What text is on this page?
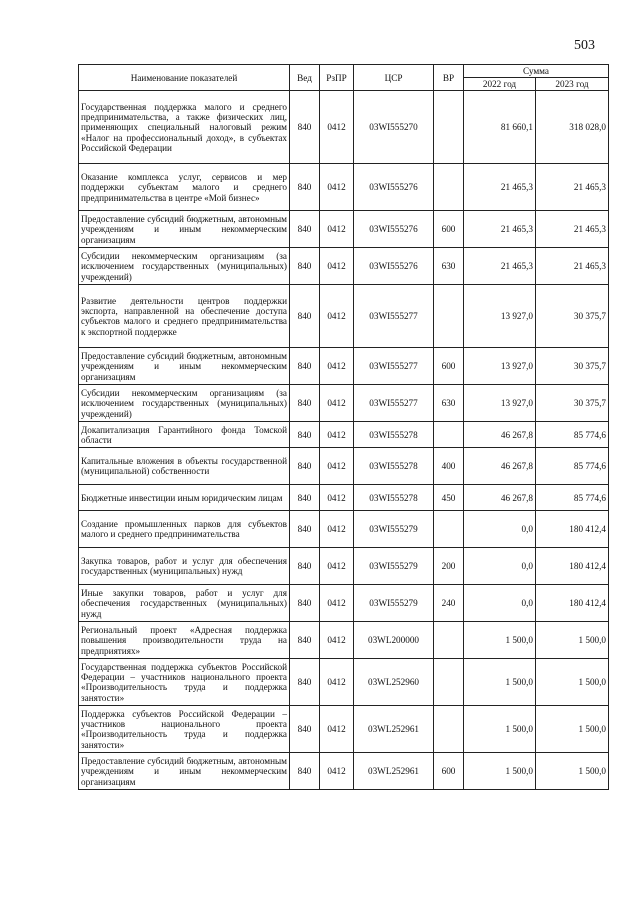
503
Наименование показателей	Вед	РзПР	ЦСР	ВР	Сумма	
					2022 год	2023 год
Государственная поддержка малого и среднего предпринимательства, а также физических лиц, применяющих специальный налоговый режим «Налог на профессиональный доход», в субъектах Российской Федерации	840	0412	03WI555270		81 660,1	318 028,0
Оказание комплекса услуг, сервисов и мер поддержки субъектам малого и среднего предпринимательства в центре «Мой бизнес»	840	0412	03WI555276		21 465,3	21 465,3
Предоставление субсидий бюджетным, автономным учреждениям и иным некоммерческим организациям	840	0412	03WI555276	600	21 465,3	21 465,3
Субсидии некоммерческим организациям (за исключением государственных (муниципальных) учреждений)	840	0412	03WI555276	630	21 465,3	21 465,3
Развитие деятельности центров поддержки экспорта, направленной на обеспечение доступа субъектов малого и среднего предпринимательства к экспортной поддержке	840	0412	03WI555277		13 927,0	30 375,7
Предоставление субсидий бюджетным, автономным учреждениям и иным некоммерческим организациям	840	0412	03WI555277	600	13 927,0	30 375,7
Субсидии некоммерческим организациям (за исключением государственных (муниципальных) учреждений)	840	0412	03WI555277	630	13 927,0	30 375,7
Докапитализация Гарантийного фонда Томской области	840	0412	03WI555278		46 267,8	85 774,6
Капитальные вложения в объекты государственной (муниципальной) собственности	840	0412	03WI555278	400	46 267,8	85 774,6
Бюджетные инвестиции иным юридическим лицам	840	0412	03WI555278	450	46 267,8	85 774,6
Создание промышленных парков для субъектов малого и среднего предпринимательства	840	0412	03WI555279		0,0	180 412,4
Закупка товаров, работ и услуг для обеспечения государственных (муниципальных) нужд	840	0412	03WI555279	200	0,0	180 412,4
Иные закупки товаров, работ и услуг для обеспечения государственных (муниципальных) нужд	840	0412	03WI555279	240	0,0	180 412,4
Региональный проект «Адресная поддержка повышения производительности труда на предприятиях»	840	0412	03WL200000		1 500,0	1 500,0
Государственная поддержка субъектов Российской Федерации – участников национального проекта «Производительность труда и поддержка занятости»	840	0412	03WL252960		1 500,0	1 500,0
Поддержка субъектов Российской Федерации – участников национального проекта «Производительность труда и поддержка занятости»	840	0412	03WL252961		1 500,0	1 500,0
Предоставление субсидий бюджетным, автономным учреждениям и иным некоммерческим организациям	840	0412	03WL252961	600	1 500,0	1 500,0
